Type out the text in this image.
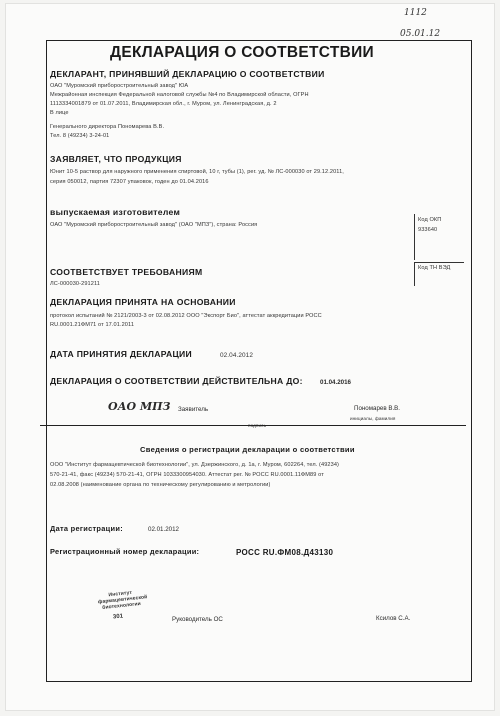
1112
05.01.12
ДЕКЛАРАЦИЯ О СООТВЕТСТВИИ
ДЕКЛАРАНТ, ПРИНЯВШИЙ ДЕКЛАРАЦИЮ О СООТВЕТСТВИИ
ОАО "Муромский приборостроительный завод" ЮА
Межрайонная инспекция Федеральной налоговой службы №4 по Владимирской области, ОГРН
1113334001879 от 01.07.2011, Владимирская обл., г. Муром, ул. Ленинградская, д. 2
В лице
Генерального директора Пономарева В.В.
Тел. 8 (49234) 3-24-01
ЗАЯВЛЯЕТ, ЧТО ПРОДУКЦИЯ
Юнит 10-5 раствор для наружного применения спиртовой, 10 г, тубы (1), рег. уд. № ЛС-000030 от 29.12.2011,
серия 050012, партия 72307 упаковок, годен до 01.04.2016
выпускаемая изготовителем
ОАО "Муромский приборостроительный завод" (ОАО "МПЗ"), страна: Россия
Код ОКП
933640
Код ТН ВЭД
СООТВЕТСТВУЕТ ТРЕБОВАНИЯМ
ЛС-000030-291211
ДЕКЛАРАЦИЯ ПРИНЯТА НА ОСНОВАНИИ
протокол испытаний № 2121/2003-3 от 02.08.2012 ООО "Экспорт Био", аттестат аккредитации РОСС
RU.0001.21ФМ71 от 17.01.2011
ДАТА ПРИНЯТИЯ ДЕКЛАРАЦИИ	02.04.2012
ДЕКЛАРАЦИЯ О СООТВЕТСТВИИ ДЕЙСТВИТЕЛЬНА ДО:	01.04.2016
ОАО МПЗ Заявитель	Пономарев В.В.
подпись
инициалы, фамилия
Сведения о регистрации декларации о соответствии
ООО "Институт фармацевтической биотехнологии", ул. Дзержинского, д. 1а, г. Муром, 602264, тел. (49234)
570-21-41, факс (49234) 570-21-41, ОГРН 1033300954030. Аттестат рег. № РОСС RU.0001.11ФМ89 от
02.08.2008 (наименование органа по техническому регулированию и метрологии)
Дата регистрации:	02.01.2012
Регистрационный номер декларации:	РОСС RU.ФМ08.Д43130
Институт фармацевтической биотехнологии
301	Руководитель ОС	Ксилов С.А.
